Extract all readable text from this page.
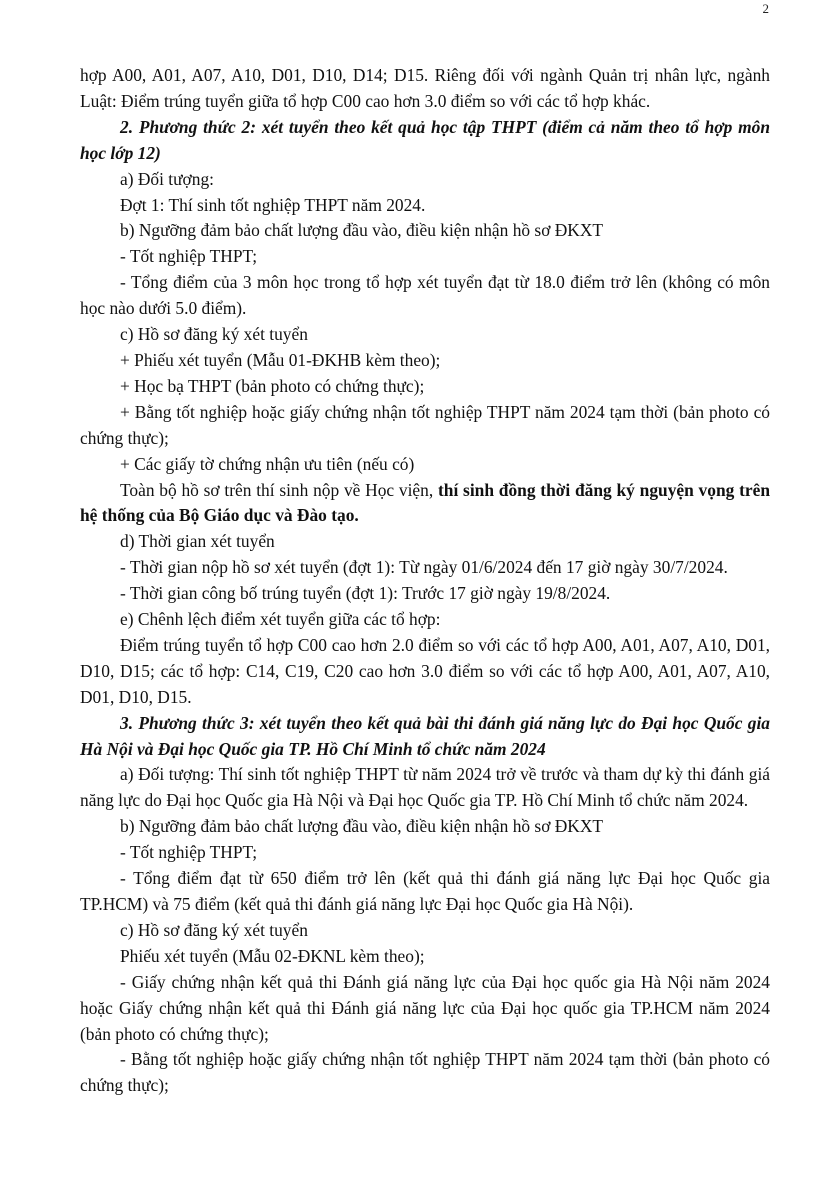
2

hợp A00, A01, A07, A10, D01, D10, D14; D15. Riêng đối với ngành Quản trị nhân lực, ngành Luật: Điểm trúng tuyển giữa tổ hợp C00 cao hơn 3.0 điểm so với các tổ hợp khác.

2. Phương thức 2: xét tuyển theo kết quả học tập THPT (điểm cả năm theo tổ hợp môn học lớp 12)

a) Đối tượng:

Đợt 1: Thí sinh tốt nghiệp THPT năm 2024.

b) Ngưỡng đảm bảo chất lượng đầu vào, điều kiện nhận hồ sơ ĐKXT

- Tốt nghiệp THPT;

- Tổng điểm của 3 môn học trong tổ hợp xét tuyển đạt từ 18.0 điểm trở lên (không có môn học nào dưới 5.0 điểm).

c) Hồ sơ đăng ký xét tuyển

+ Phiếu xét tuyển (Mẫu 01-ĐKHB kèm theo);

+ Học bạ THPT (bản photo có chứng thực);

+ Bằng tốt nghiệp hoặc giấy chứng nhận tốt nghiệp THPT năm 2024 tạm thời (bản photo có chứng thực);

+ Các giấy tờ chứng nhận ưu tiên (nếu có)

Toàn bộ hồ sơ trên thí sinh nộp về Học viện, thí sinh đồng thời đăng ký nguyện vọng trên hệ thống của Bộ Giáo dục và Đào tạo.

d) Thời gian xét tuyển

- Thời gian nộp hồ sơ xét tuyển (đợt 1): Từ ngày 01/6/2024 đến 17 giờ ngày 30/7/2024.

- Thời gian công bố trúng tuyển (đợt 1): Trước 17 giờ ngày 19/8/2024.

e) Chênh lệch điểm xét tuyển giữa các tổ hợp:

Điểm trúng tuyển tổ hợp C00 cao hơn 2.0 điểm so với các tổ hợp A00, A01, A07, A10, D01, D10, D15; các tổ hợp: C14, C19, C20 cao hơn 3.0 điểm so với các tổ hợp A00, A01, A07, A10, D01, D10, D15.

3. Phương thức 3: xét tuyển theo kết quả bài thi đánh giá năng lực do Đại học Quốc gia Hà Nội và Đại học Quốc gia TP. Hồ Chí Minh tổ chức năm 2024

a) Đối tượng: Thí sinh tốt nghiệp THPT từ năm 2024 trở về trước và tham dự kỳ thi đánh giá năng lực do Đại học Quốc gia Hà Nội và Đại học Quốc gia TP. Hồ Chí Minh tổ chức năm 2024.

b) Ngưỡng đảm bảo chất lượng đầu vào, điều kiện nhận hồ sơ ĐKXT

- Tốt nghiệp THPT;

- Tổng điểm đạt từ 650 điểm trở lên (kết quả thi đánh giá năng lực Đại học Quốc gia TP.HCM) và 75 điểm (kết quả thi đánh giá năng lực Đại học Quốc gia Hà Nội).

c) Hồ sơ đăng ký xét tuyển

Phiếu xét tuyển (Mẫu 02-ĐKNL kèm theo);

- Giấy chứng nhận kết quả thi Đánh giá năng lực của Đại học quốc gia Hà Nội năm 2024 hoặc Giấy chứng nhận kết quả thi Đánh giá năng lực của Đại học quốc gia TP.HCM năm 2024 (bản photo có chứng thực);

- Bằng tốt nghiệp hoặc giấy chứng nhận tốt nghiệp THPT năm 2024 tạm thời (bản photo có chứng thực);
